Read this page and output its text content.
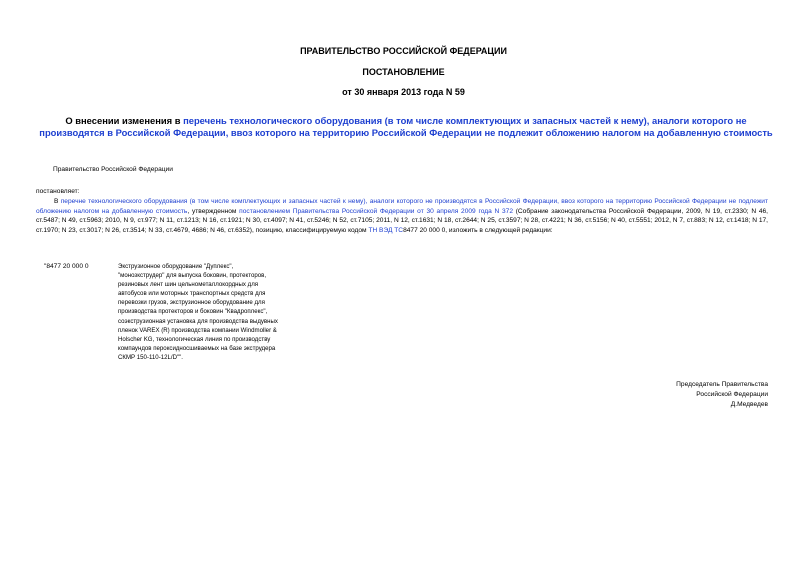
ПРАВИТЕЛЬСТВО РОССИЙСКОЙ ФЕДЕРАЦИИ
ПОСТАНОВЛЕНИЕ
от 30 января 2013 года N 59
О внесении изменения в перечень технологического оборудования (в том числе комплектующих и запасных частей к нему), аналоги которого не производятся в Российской Федерации, ввоз которого на территорию Российской Федерации не подлежит обложению налогом на добавленную стоимость
Правительство Российской Федерации
постановляет:
В перечне технологического оборудования (в том числе комплектующих и запасных частей к нему), аналоги которого не производятся в Российской Федерации, ввоз которого на территорию Российской Федерации не подлежит обложению налогом на добавленную стоимость, утвержденном постановлением Правительства Российской Федерации от 30 апреля 2009 года N 372 (Собрание законодательства Российской Федерации, 2009, N 19, ст.2330; N 46, ст.5487; N 49, ст.5963; 2010, N 9, ст.977; N 11, ст.1213; N 16, ст.1921; N 30, ст.4097; N 41, ст.5246; N 52, ст.7105; 2011, N 12, ст.1631; N 18, ст.2644; N 25, ст.3597; N 28, ст.4221; N 36, ст.5156; N 40, ст.5551; 2012, N 7, ст.883; N 12, ст.1418; N 17, ст.1970; N 23, ст.3017; N 26, ст.3514; N 33, ст.4679, 4686; N 46, ст.6352), позицию, классифицируемую кодом ТН ВЭД ТС8477 20 000 0, изложить в следующей редакции:
"8477 20 000 0	Экструзионное оборудование "Дуплекс", "монозкструдер" для выпуска боковин, протекторов, резиновых лент шин цельнометаллокордных для автобусов или моторных транспортных средств для перевозки грузов, экструзионное оборудование для производства протекторов и боковин "Квадроплекс", соэкструзионная установка для производства выдувных пленок VAREX (R) производства компании Windmoller & Holscher KG, технологическая линия по производству компаундов пероксидносшиваемых на базе экструдера СКМР 150-110-12L/D"".
Председатель Правительства
Российской Федерации
Д.Медведев
